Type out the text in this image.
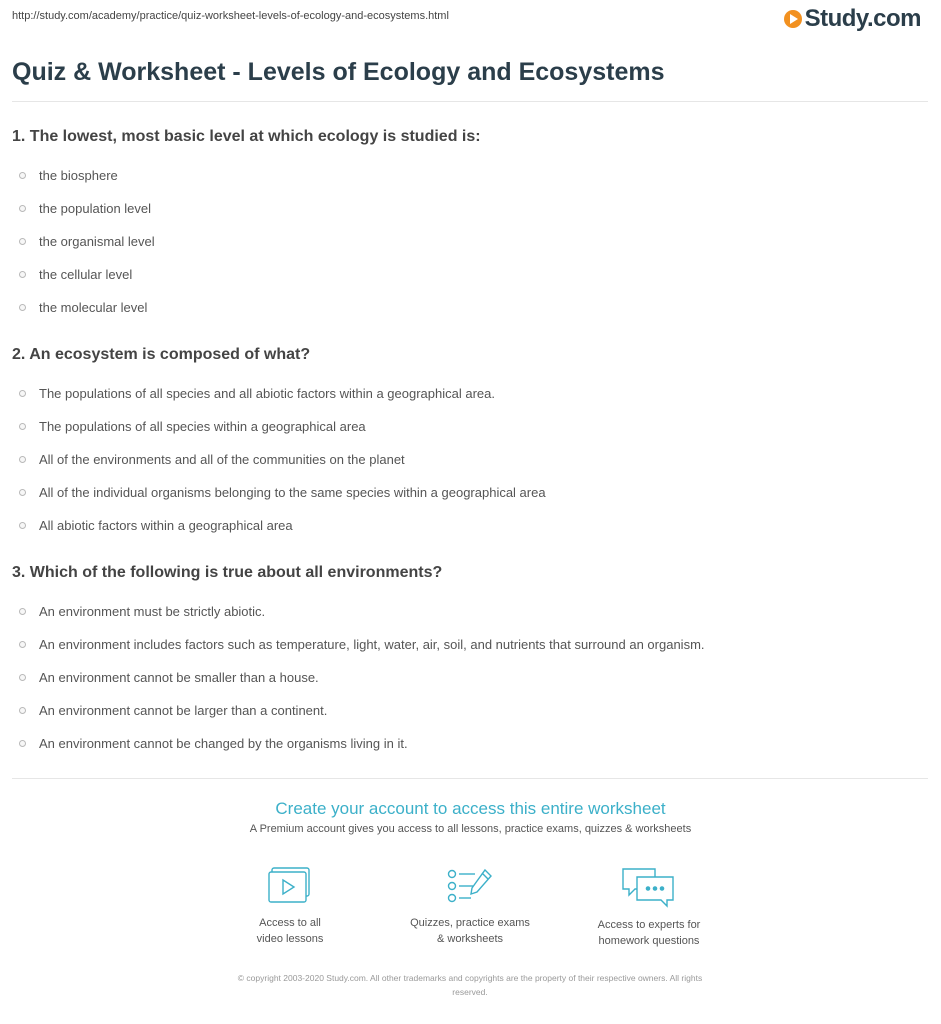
http://study.com/academy/practice/quiz-worksheet-levels-of-ecology-and-ecosystems.html	Study.com
Quiz & Worksheet - Levels of Ecology and Ecosystems

1. The lowest, most basic level at which ecology is studied is:

the biosphere
the population level
the organismal level
the cellular level
the molecular level

2. An ecosystem is composed of what?

The populations of all species and all abiotic factors within a geographical area.
The populations of all species within a geographical area
All of the environments and all of the communities on the planet
All of the individual organisms belonging to the same species within a geographical area
All abiotic factors within a geographical area

3. Which of the following is true about all environments?

An environment must be strictly abiotic.
An environment includes factors such as temperature, light, water, air, soil, and nutrients that surround an organism.
An environment cannot be smaller than a house.
An environment cannot be larger than a continent.
An environment cannot be changed by the organisms living in it.
Create your account to access this entire worksheet
A Premium account gives you access to all lessons, practice exams, quizzes & worksheets
Access to all
video lessons
Quizzes, practice exams
& worksheets
Access to experts for
homework questions
© copyright 2003-2020 Study.com. All other trademarks and copyrights are the property of their respective owners. All rights
reserved.
